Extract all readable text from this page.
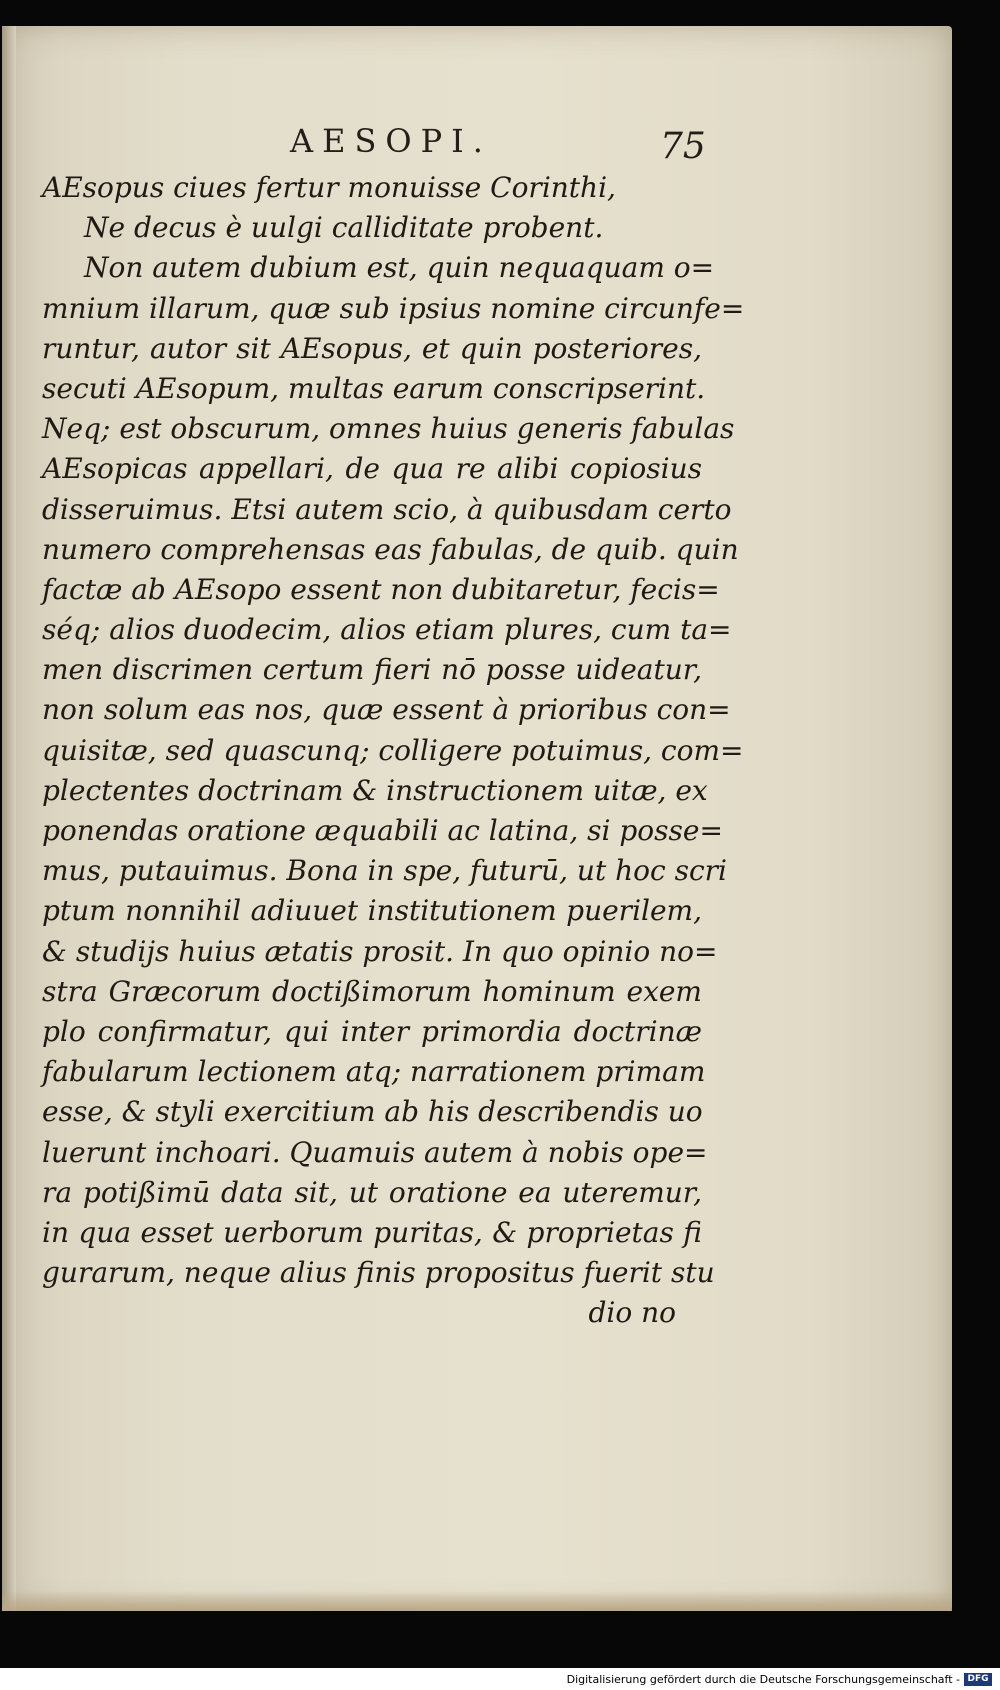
AESOPI.	75
AEsopus ciues fertur monuisse Corinthi,
Ne decus è uulgi calliditate probent.
Non autem dubium est, quin nequaquam o=
mnium illarum, quæ sub ipsius nomine circunfe=
runtur, autor sit AEsopus, et quin posteriores,
secuti AEsopum, multas earum conscripserint.
Neq; est obscurum, omnes huius generis fabulas
AEsopicas appellari, de qua re alibi copiosius
disseruimus. Etsi autem scio, à quibusdam certo
numero comprehensas eas fabulas, de quib. quin
factæ ab AEsopo essent non dubitaretur, fecis=
séq; alios duodecim, alios etiam plures, cum ta=
men discrimen certum fieri nō posse uideatur,
non solum eas nos, quæ essent à prioribus con=
quisitæ, sed quascunq; colligere potuimus, com=
plectentes doctrinam & instructionem uitæ, ex
ponendas oratione æquabili ac latina, si posse=
mus, putauimus. Bona in spe, futurū, ut hoc scri
ptum nonnihil adiuuet institutionem puerilem,
& studijs huius ætatis prosit. In quo opinio no=
stra Græcorum doctißimorum hominum exem
plo confirmatur, qui inter primordia doctrinæ
fabularum lectionem atq; narrationem primam
esse, & styli exercitium ab his describendis uo
luerunt inchoari. Quamuis autem à nobis ope=
ra potißimū data sit, ut oratione ea uteremur,
in qua esset uerborum puritas, & proprietas fi
gurarum, neque alius finis propositus fuerit stu
dio no
Digitalisierung gefördert durch die Deutsche Forschungsgemeinschaft - DFG
